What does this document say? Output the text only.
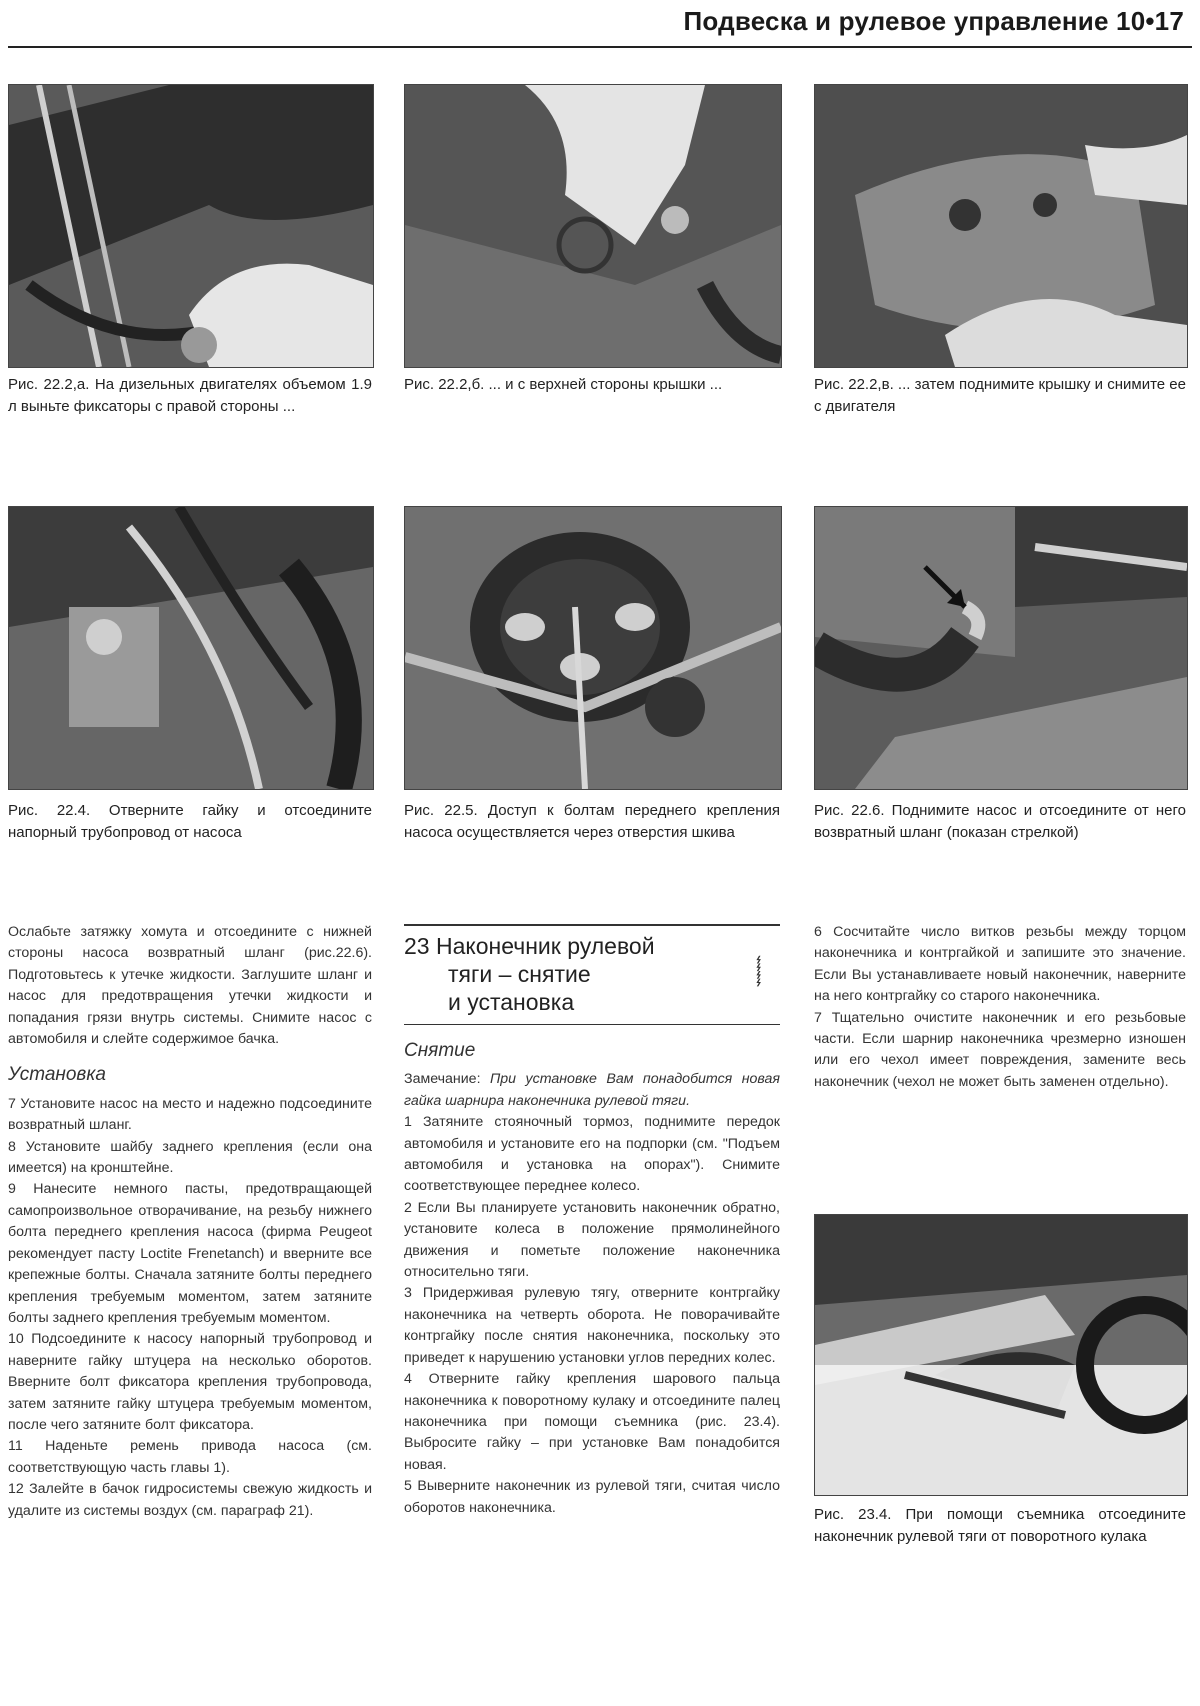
Подвеска и рулевое управление 10•17
Рис. 22.2,а. На дизельных двигателях объемом 1.9 л выньте фиксаторы с правой стороны ...
Рис. 22.2,б. ... и с верхней стороны крышки ...	Рис. 22.2,в. ... затем поднимите крышку и снимите ее с двигателя
Рис. 22.4. Отверните гайку и отсоедините напорный трубопровод от насоса
Рис. 22.5. Доступ к болтам переднего крепления насоса осуществляется через отверстия шкива
Рис. 22.6. Поднимите насос и отсоедините от него возвратный шланг (показан стрелкой)

Ослабьте затяжку хомута и отсоедините с нижней стороны насоса возвратный шланг (рис.22.6). Подготовьтесь к утечке жидкости. Заглушите шланг и насос для предотвращения утечки жидкости и попадания грязи внутрь системы. Снимите насос с автомобиля и слейте содержимое бачка.

Установка

7 Установите насос на место и надежно подсоедините возвратный шланг.

8 Установите шайбу заднего крепления (если она имеется) на кронштейне.

9 Нанесите немного пасты, предотвращающей самопроизвольное отворачивание, на резьбу нижнего болта переднего крепления насоса (фирма Peugeot рекомендует пасту Loctite Frenetanch) и вверните все крепежные болты. Сначала затяните болты переднего крепления требуемым моментом, затем затяните болты заднего крепления требуемым моментом.

10 Подсоедините к насосу напорный трубопровод и наверните гайку штуцера на несколько оборотов. Вверните болт фиксатора крепления трубопровода, затем затяните гайку штуцера требуемым моментом, после чего затяните болт фиксатора.

11 Наденьте ремень привода насоса (см. соответствующую часть главы 1).

12 Залейте в бачок гидросистемы свежую жидкость и удалите из системы воздух (см. параграф 21).

23 Наконечник рулевой
тяги – снятие
и установка
⌁⌁⌁⌁
Снятие

Замечание: При установке Вам понадобится новая гайка шарнира наконечника рулевой тяги.

1 Затяните стояночный тормоз, поднимите передок автомобиля и установите его на подпорки (см. "Подъем автомобиля и установка на опорах"). Снимите соответствующее переднее колесо.

2 Если Вы планируете установить наконечник обратно, установите колеса в положение прямолинейного движения и пометьте положение наконечника относительно тяги.

3 Придерживая рулевую тягу, отверните контргайку наконечника на четверть оборота. Не поворачивайте контргайку после снятия наконечника, поскольку это приведет к нарушению установки углов передних колес.

4 Отверните гайку крепления шарового пальца наконечника к поворотному кулаку и отсоедините палец наконечника при помощи съемника (рис. 23.4). Выбросите гайку – при установке Вам понадобится новая.

5 Выверните наконечник из рулевой тяги, считая число оборотов наконечника.

6 Сосчитайте число витков резьбы между торцом наконечника и контргайкой и запишите это значение. Если Вы устанавливаете новый наконечник, наверните на него контргайку со старого наконечника.

7 Тщательно очистите наконечник и его резьбовые части. Если шарнир наконечника чрезмерно изношен или его чехол имеет повреждения, замените весь наконечник (чехол не может быть заменен отдельно).

Рис. 23.4. При помощи съемника отсоедините наконечник рулевой тяги от поворотного кулака
